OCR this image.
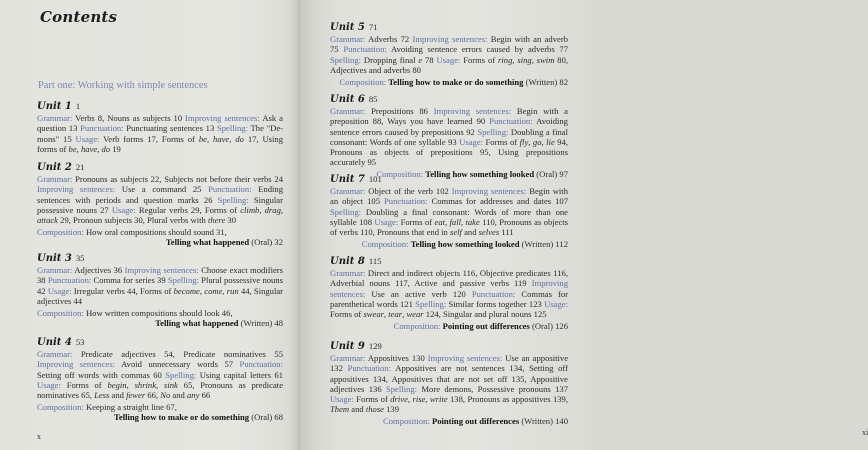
Contents
Part one: Working with simple sentences
Unit 1 1
Grammar: Verbs 8, Nouns as subjects 10 Improving sentences: Ask a question 13 Punctuation: Punctuating sentences 13 Spelling: The "De-mons" 15 Usage: Verb forms 17, Forms of be, have, do 17, Using forms of be, have, do 19
Unit 2 21
Grammar: Pronouns as subjects 22, Subjects not before their verbs 24 Improving sentences: Use a command 25 Punctuation: Ending sentences with periods and question marks 26 Spelling: Singular possessive nouns 27 Usage: Regular verbs 29, Forms of climb, drag, attack 29, Pronoun subjects 30, Plural verbs with there 30
Composition: How oral compositions should sound 31,
Telling what happened (Oral) 32
Unit 3 35
Grammar: Adjectives 36 Improving sentences: Choose exact modifiers 38 Punctuation: Comma for series 39 Spelling: Plural possessive nouns 42 Usage: Irregular verbs 44, Forms of become, come, run 44, Singular adjectives 44
Composition: How written compositions should look 46,
Telling what happened (Written) 48
Unit 4 53
Grammar: Predicate adjectives 54, Predicate nominatives 55 Improving sentences: Avoid unnecessary words 57 Punctuation: Setting off words with commas 60 Spelling: Using capital letters 61 Usage: Forms of begin, shrink, sink 65, Pronouns as predicate nominatives 65, Less and fewer 66, No and any 66
Composition: Keeping a straight line 67,
Telling how to make or do something (Oral) 68
x	xi
Unit 5 71
Grammar: Adverbs 72 Improving sentences: Begin with an adverb 75 Punctuation: Avoiding sentence errors caused by adverbs 77 Spelling: Dropping final e 78 Usage: Forms of ring, sing, swim 80, Adjectives and adverbs 80
Composition: Telling how to make or do something (Written) 82
Unit 6 85
Grammar: Prepositions 86 Improving sentences: Begin with a preposition 88, Ways you have learned 90 Punctuation: Avoiding sentence errors caused by prepositions 92 Spelling: Doubling a final consonant: Words of one syllable 93 Usage: Forms of fly, go, lie 94, Pronouns as objects of prepositions 95, Using prepositions accurately 95
Composition: Telling how something looked (Oral) 97
Unit 7 101
Grammar: Object of the verb 102 Improving sentences: Begin with an object 105 Punctuation: Commas for addresses and dates 107 Spelling: Doubling a final consonant: Words of more than one syllable 108 Usage: Forms of eat, fall, take 110, Pronouns as objects of verbs 110, Pronouns that end in self and selves 111
Composition: Telling how something looked (Written) 112
Unit 8 115
Grammar: Direct and indirect objects 116, Objective predicates 116, Adverbial nouns 117, Active and passive verbs 119 Improving sentences: Use an active verb 120 Punctuation: Commas for parenthetical words 121 Spelling: Similar forms together 123 Usage: Forms of swear, tear, wear 124, Singular and plural nouns 125
Composition: Pointing out differences (Oral) 126
Unit 9 129
Grammar: Appositives 130 Improving sentences: Use an appositive 132 Punctuation: Appositives are not sentences 134, Setting off appositives 134, Appositives that are not set off 135, Appositive adjectives 136 Spelling: More demons, Possessive pronouns 137 Usage: Forms of drive, rise, write 138, Pronouns as appositives 139, Them and those 139
Composition: Pointing out differences (Written) 140
